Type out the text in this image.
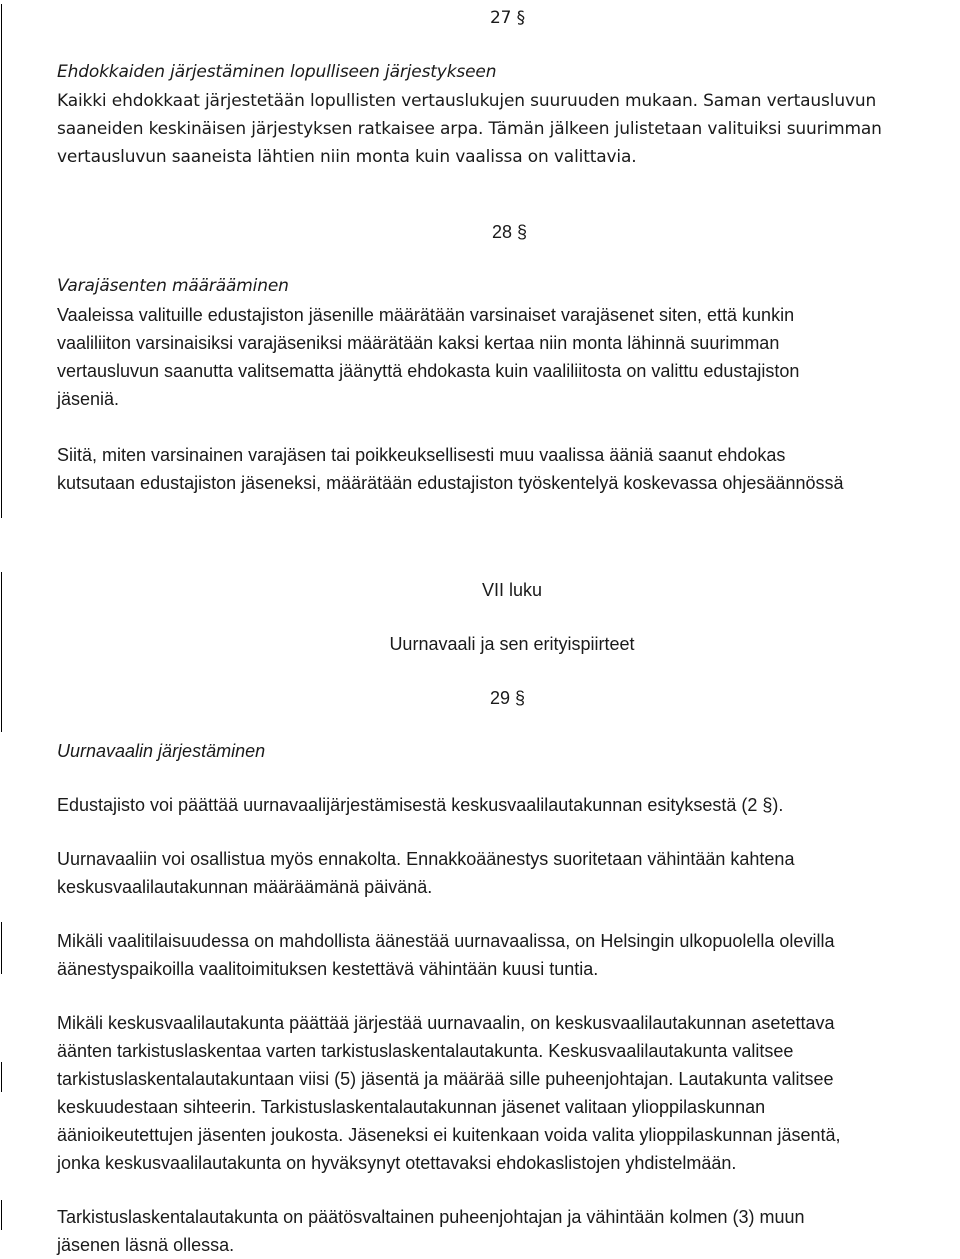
27 §

Ehdokkaiden järjestäminen lopulliseen järjestykseen

Kaikki ehdokkaat järjestetään lopullisten vertauslukujen suuruuden mukaan. Saman vertausluvun

saaneiden keskinäisen järjestyksen ratkaisee arpa. Tämän jälkeen julistetaan valituiksi suurimman

vertausluvun saaneista lähtien niin monta kuin vaalissa on valittavia.

28 §

Varajäsenten määrääminen

Vaaleissa valituille edustajiston jäsenille määrätään varsinaiset varajäsenet siten, että kunkin

vaaliliiton varsinaisiksi varajäseniksi määrätään kaksi kertaa niin monta lähinnä suurimman

vertausluvun saanutta valitsematta jäänyttä ehdokasta kuin vaaliliitosta on valittu edustajiston

jäseniä.

Siitä, miten varsinainen varajäsen tai poikkeuksellisesti muu vaalissa ääniä saanut ehdokas

kutsutaan edustajiston jäseneksi, määrätään edustajiston työskentelyä koskevassa ohjesäännössä

VII luku

Uurnavaali ja sen erityispiirteet

29 §

Uurnavaalin järjestäminen

Edustajisto voi päättää uurnavaalijärjestämisestä keskusvaalilautakunnan esityksestä (2 §).

Uurnavaaliin voi osallistua myös ennakolta. Ennakkoäänestys suoritetaan vähintään kahtena

keskusvaalilautakunnan määräämänä päivänä.

Mikäli vaalitilaisuudessa on mahdollista äänestää uurnavaalissa, on Helsingin ulkopuolella olevilla

äänestyspaikoilla vaalitoimituksen kestettävä vähintään kuusi tuntia.

Mikäli keskusvaalilautakunta päättää järjestää uurnavaalin, on keskusvaalilautakunnan asetettava

äänten tarkistuslaskentaa varten tarkistuslaskentalautakunta. Keskusvaalilautakunta valitsee

tarkistuslaskentalautakuntaan viisi (5) jäsentä ja määrää sille puheenjohtajan. Lautakunta valitsee

keskuudestaan sihteerin. Tarkistuslaskentalautakunnan jäsenet valitaan ylioppilaskunnan

äänioikeutettujen jäsenten joukosta. Jäseneksi ei kuitenkaan voida valita ylioppilaskunnan jäsentä,

jonka keskusvaalilautakunta on hyväksynyt otettavaksi ehdokaslistojen yhdistelmään.

Tarkistuslaskentalautakunta on päätösvaltainen puheenjohtajan ja vähintään kolmen (3) muun

jäsenen läsnä ollessa.
